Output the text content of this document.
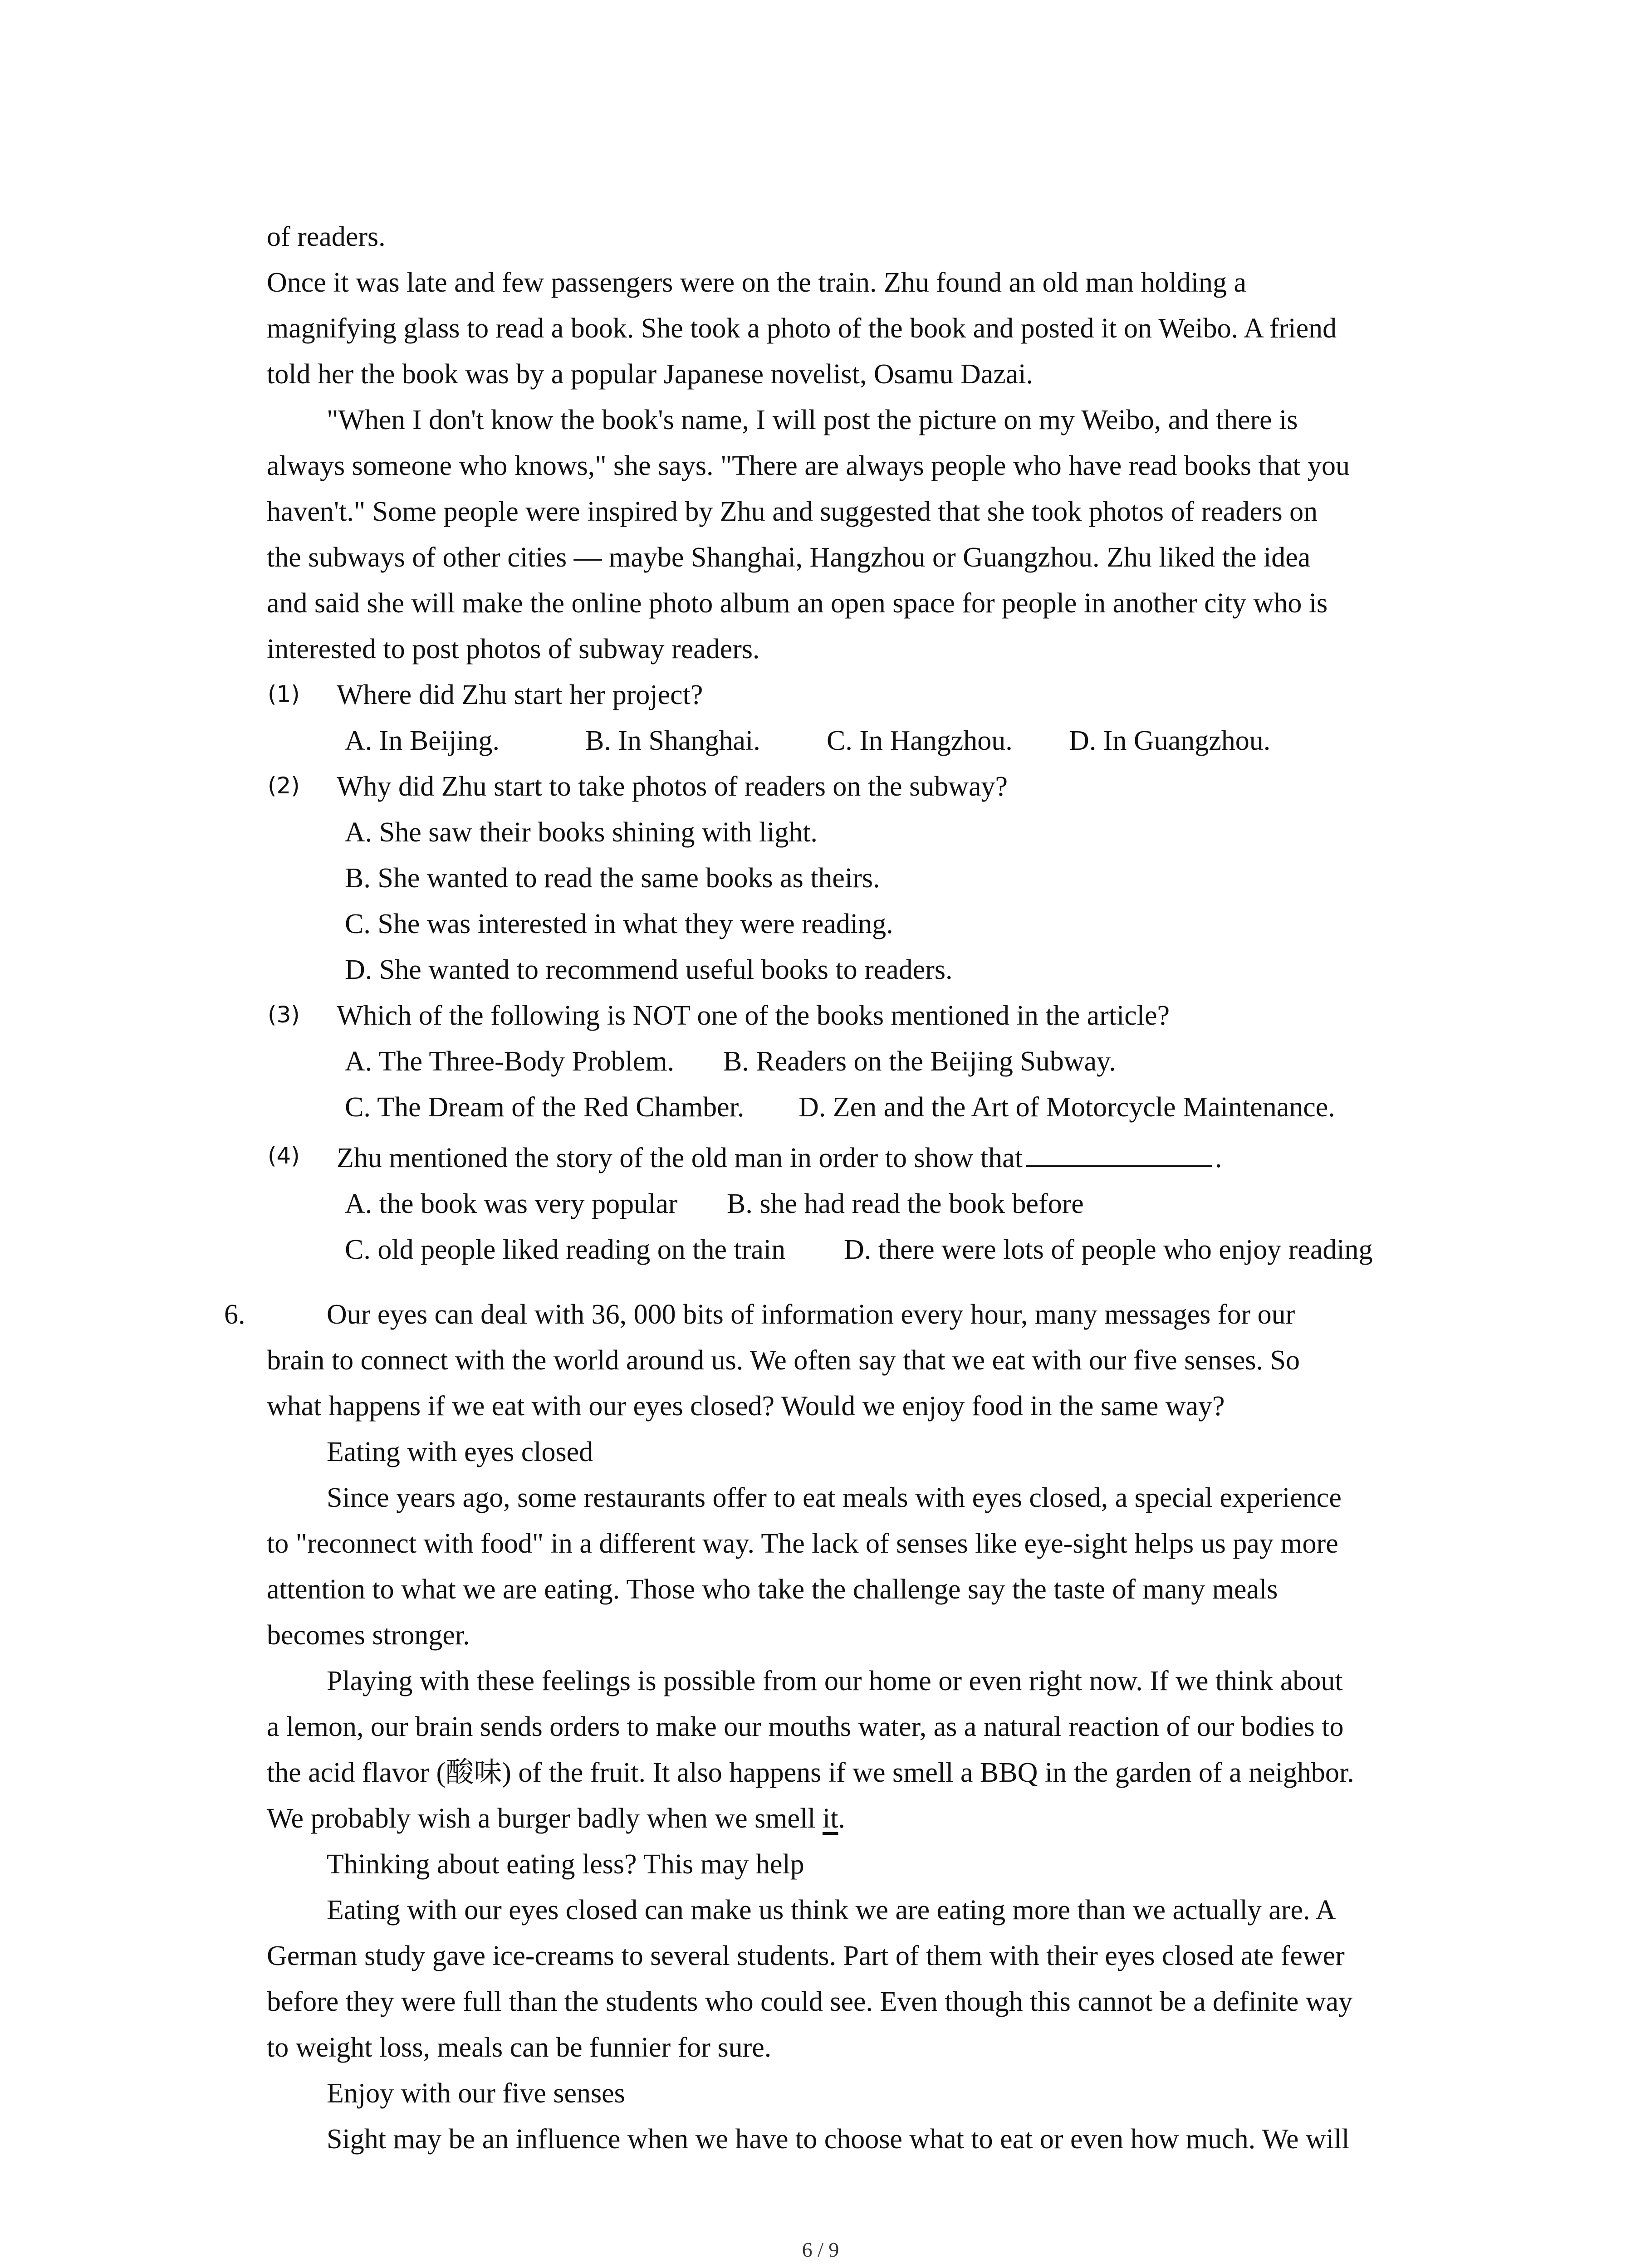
of readers.
Once it was late and few passengers were on the train. Zhu found an old man holding a
magnifying glass to read a book. She took a photo of the book and posted it on Weibo. A friend
told her the book was by a popular Japanese novelist, Osamu Dazai.
"When I don't know the book's name, I will post the picture on my Weibo, and there is
always someone who knows," she says. "There are always people who have read books that you
haven't." Some people were inspired by Zhu and suggested that she took photos of readers on
the subways of other cities — maybe Shanghai, Hangzhou or Guangzhou. Zhu liked the idea
and said she will make the online photo album an open space for people in another city who is
interested to post photos of subway readers.
(1) Where did Zhu start her project?
A. In Beijing.	B. In Shanghai. C. In Hangzhou. D. In Guangzhou.
(2) Why did Zhu start to take photos of readers on the subway?
A. She saw their books shining with light.
B. She wanted to read the same books as theirs.
C. She was interested in what they were reading.
D. She wanted to recommend useful books to readers.
(3) Which of the following is NOT one of the books mentioned in the article?
A. The Three-Body Problem. B. Readers on the Beijing Subway.
C. The Dream of the Red Chamber. D. Zen and the Art of Motorcycle Maintenance.
(4) Zhu mentioned the story of the old man in order to show that	.
A. the book was very popular B. she had read the book before
C. old people liked reading on the train D. there were lots of people who enjoy reading
6.	Our eyes can deal with 36, 000 bits of information every hour, many messages for our
brain to connect with the world around us. We often say that we eat with our five senses. So
what happens if we eat with our eyes closed? Would we enjoy food in the same way?
Eating with eyes closed
Since years ago, some restaurants offer to eat meals with eyes closed, a special experience
to "reconnect with food" in a different way. The lack of senses like eye-sight helps us pay more
attention to what we are eating. Those who take the challenge say the taste of many meals
becomes stronger.
Playing with these feelings is possible from our home or even right now. If we think about
a lemon, our brain sends orders to make our mouths water, as a natural reaction of our bodies to
the acid flavor (酸味) of the fruit. It also happens if we smell a BBQ in the garden of a neighbor.
We probably wish a burger badly when we smell it.
Thinking about eating less? This may help
Eating with our eyes closed can make us think we are eating more than we actually are. A
German study gave ice-creams to several students. Part of them with their eyes closed ate fewer
before they were full than the students who could see. Even though this cannot be a definite way
to weight loss, meals can be funnier for sure.
Enjoy with our five senses
Sight may be an influence when we have to choose what to eat or even how much. We will
6 / 9
